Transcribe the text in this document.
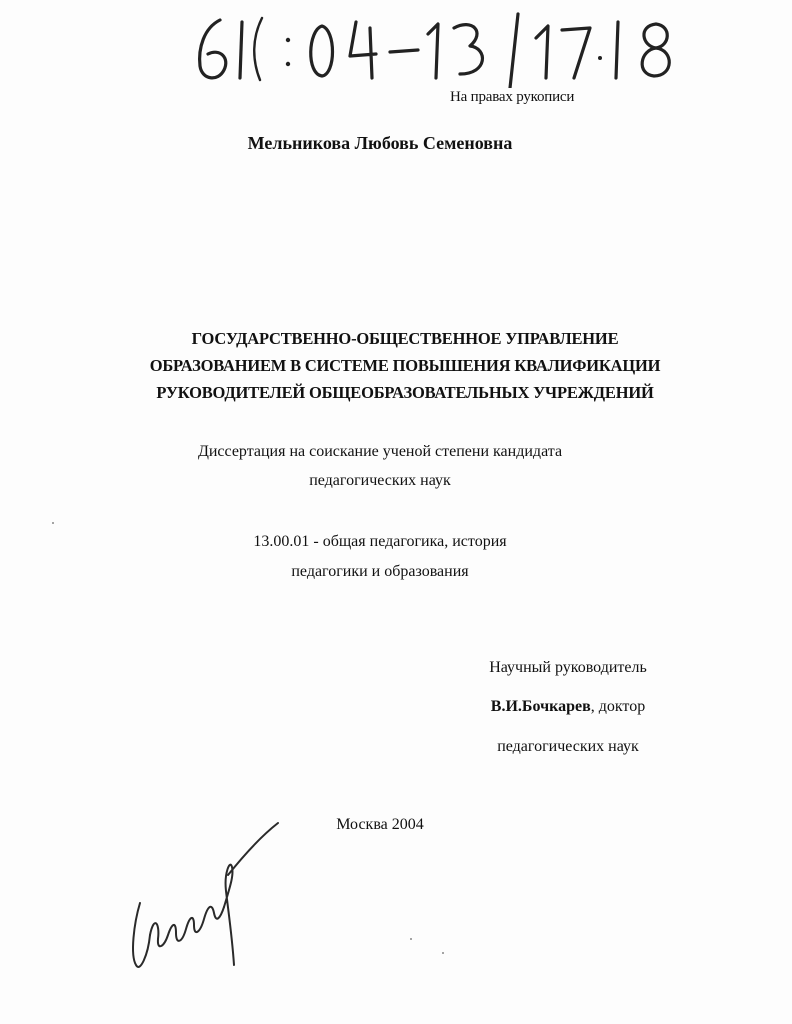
На правах рукописи

Мельникова Любовь Семеновна

ГОСУДАРСТВЕННО-ОБЩЕСТВЕННОЕ УПРАВЛЕНИЕ
ОБРАЗОВАНИЕМ В СИСТЕМЕ ПОВЫШЕНИЯ КВАЛИФИКАЦИИ
РУКОВОДИТЕЛЕЙ ОБЩЕОБРАЗОВАТЕЛЬНЫХ УЧРЕЖДЕНИЙ

Диссертация на соискание ученой степени кандидата

педагогических наук

13.00.01 - общая педагогика, история

педагогики и образования

Научный руководитель

В.И.Бочкарев, доктор

педагогических наук

Москва 2004
